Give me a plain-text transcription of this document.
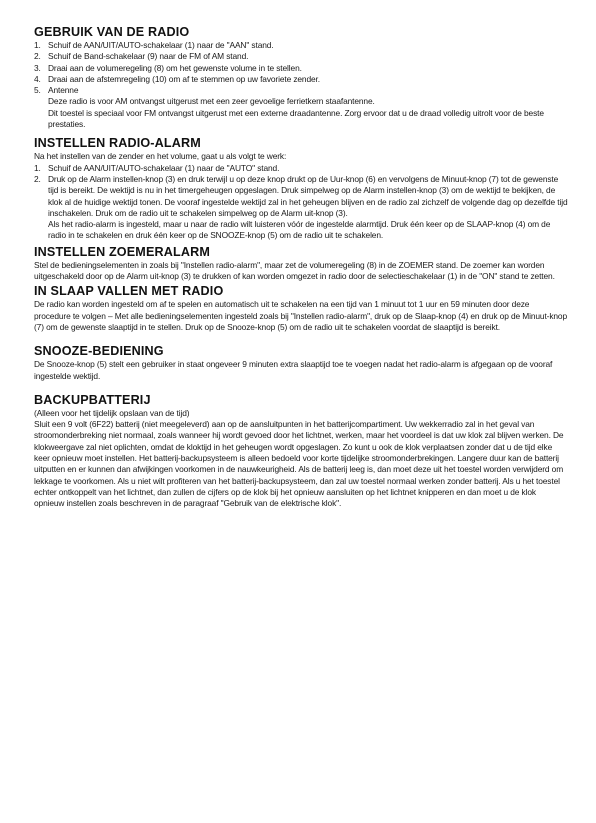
GEBRUIK VAN DE RADIO
1. Schuif de AAN/UIT/AUTO-schakelaar (1) naar de "AAN" stand.
2. Schuif de Band-schakelaar (9) naar de FM of AM stand.
3. Draai aan de volumeregeling (8) om het gewenste volume in te stellen.
4. Draai aan de afstemregeling (10) om af te stemmen op uw favoriete zender.
5. Antenne

Deze radio is voor AM ontvangst uitgerust met een zeer gevoelige ferrietkern staafantenne.

Dit toestel is speciaal voor FM ontvangst uitgerust met een externe draadantenne. Zorg ervoor dat u de draad volledig uitrolt voor de beste prestaties.

INSTELLEN RADIO-ALARM

Na het instellen van de zender en het volume, gaat u als volgt te werk:

1. Schuif de AAN/UIT/AUTO-schakelaar (1) naar de "AUTO" stand.
2. Druk op de Alarm instellen-knop (3) en druk terwijl u op deze knop drukt op de Uur-knop (6) en vervolgens de Minuut-knop (7) tot de gewenste tijd is bereikt. De wektijd is nu in het timergeheugen opgeslagen. Druk simpelweg op de Alarm instellen-knop (3) om de wektijd te bekijken, de klok al de huidige wektijd tonen. De vooraf ingestelde wektijd zal in het geheugen blijven en de radio zal zichzelf de volgende dag op dezelfde tijd inschakelen. Druk om de radio uit te schakelen simpelweg op de Alarm uit-knop (3).

Als het radio-alarm is ingesteld, maar u naar de radio wilt luisteren vóór de ingestelde alarmtijd. Druk één keer op de SLAAP-knop (4) om de radio in te schakelen en druk één keer op de SNOOZE-knop (5) om de radio uit te schakelen.

INSTELLEN ZOEMERALARM

Stel de bedieningselementen in zoals bij "Instellen radio-alarm", maar zet de volumeregeling (8) in de ZOEMER stand. De zoemer kan worden uitgeschakeld door op de Alarm uit-knop (3) te drukken of kan worden omgezet in radio door de selectieschakelaar (1) in de "ON" stand te zetten.

IN SLAAP VALLEN MET RADIO

De radio kan worden ingesteld om af te spelen en automatisch uit te schakelen na een tijd van 1 minuut tot 1 uur en 59 minuten door deze procedure te volgen – Met alle bedieningselementen ingesteld zoals bij "Instellen radio-alarm", druk op de Slaap-knop (4) en druk op de Minuut-knop (7) om de gewenste slaaptijd in te stellen. Druk op de Snooze-knop (5) om de radio uit te schakelen voordat de slaaptijd is bereikt.

SNOOZE-BEDIENING

De Snooze-knop (5) stelt een gebruiker in staat ongeveer 9 minuten extra slaaptijd toe te voegen nadat het radio-alarm is afgegaan op de vooraf ingestelde wektijd.

BACKUPBATTERIJ

(Alleen voor het tijdelijk opslaan van de tijd)

Sluit een 9 volt (6F22) batterij (niet meegeleverd) aan op de aansluitpunten in het batterijcompartiment. Uw wekkerradio zal in het geval van stroomonderbreking niet normaal, zoals wanneer hij wordt gevoed door het lichtnet, werken, maar het voordeel is dat uw klok zal blijven werken. De klokweergave zal niet oplichten, omdat de kloktijd in het geheugen wordt opgeslagen. Zo kunt u ook de klok verplaatsen zonder dat u de tijd elke keer opnieuw moet instellen. Het batterij-backupsysteem is alleen bedoeld voor korte tijdelijke stroomonderbrekingen. Langere duur kan de batterij uitputten en er kunnen dan afwijkingen voorkomen in de nauwkeurigheid. Als de batterij leeg is, dan moet deze uit het toestel worden verwijderd om lekkage te voorkomen. Als u niet wilt profiteren van het batterij-backupsysteem, dan zal uw toestel normaal werken zonder batterij. Als u het toestel echter ontkoppelt van het lichtnet, dan zullen de cijfers op de klok bij het opnieuw aansluiten op het lichtnet knipperen en dan moet u de klok opnieuw instellen zoals beschreven in de paragraaf "Gebruik van de elektrische klok".
